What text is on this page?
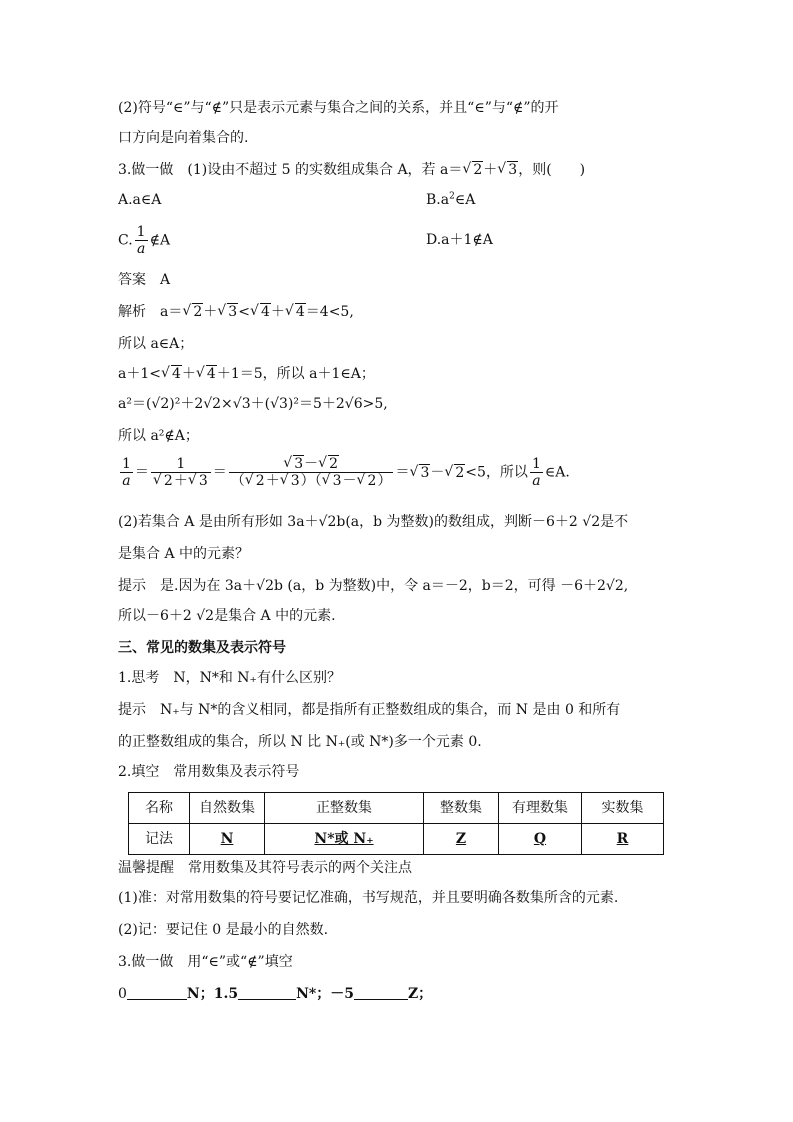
(2)符号“∈”与“∉”只是表示元素与集合之间的关系，并且“∈”与“∉”的开
口方向是向着集合的.
3.做一做　(1)设由不超过 5 的实数组成集合 A，若 a＝ √ 2＋ √ 3，则(　　)
A.a∈A	$B.a^2\in A$
C. $\frac{1}{a}$ ∉A	D.a＋1∉A
答案　A
解析　a＝ √ 2＋ √ 3< √ 4＋ √ 4＝4<5,
所以 a∈A；
a＋1< √ 4＋ √ 4＋1＝5，所以 a＋1∈A；
a²＝(√2)²＋2√2×√3＋(√3)²＝5＋2√6>5,
所以 a²∉A；
$\frac{1}{a} = 1$
√ 2＋ √ 3 ＝ √ $\frac{3- √ 2}{( √ 2+ √ 3)( √ 3- √ 2)}$ ＝ √ 3－ √ 2<5，所以 $\frac{1}{a}$ ∈A.
(2)若集合 A 是由所有形如 3a＋√2b(a，b 为整数)的数组成，判断－6＋2 √2是不
是集合 A 中的元素？
提示　是.因为在 3a＋√2b (a，b 为整数)中，令 a＝－2，b＝2，可得 －6＋2√2,
所以－6＋2 √2是集合 A 中的元素.
三、常见的数集及表示符号
1.思考　N，N*和 N₊有什么区别？
提示　N₊与 N*的含义相同，都是指所有正整数组成的集合，而 N 是由 0 和所有
的正整数组成的集合，所以 N 比 N₊(或 N*)多一个元素 0.
2.填空　常用数集及表示符号
名称	自然数集	正整数集	整数集	有理数集	实数集
记法	N	N*或 N₊	Z	Q	R
温馨提醒　常用数集及其符号表示的两个关注点
(1)准：对常用数集的符号要记忆准确，书写规范，并且要明确各数集所含的元素.
(2)记：要记住 0 是最小的自然数.
3.做一做　用“∈”或“∉”填空
0	N；1.5	N*；－5	Z；
